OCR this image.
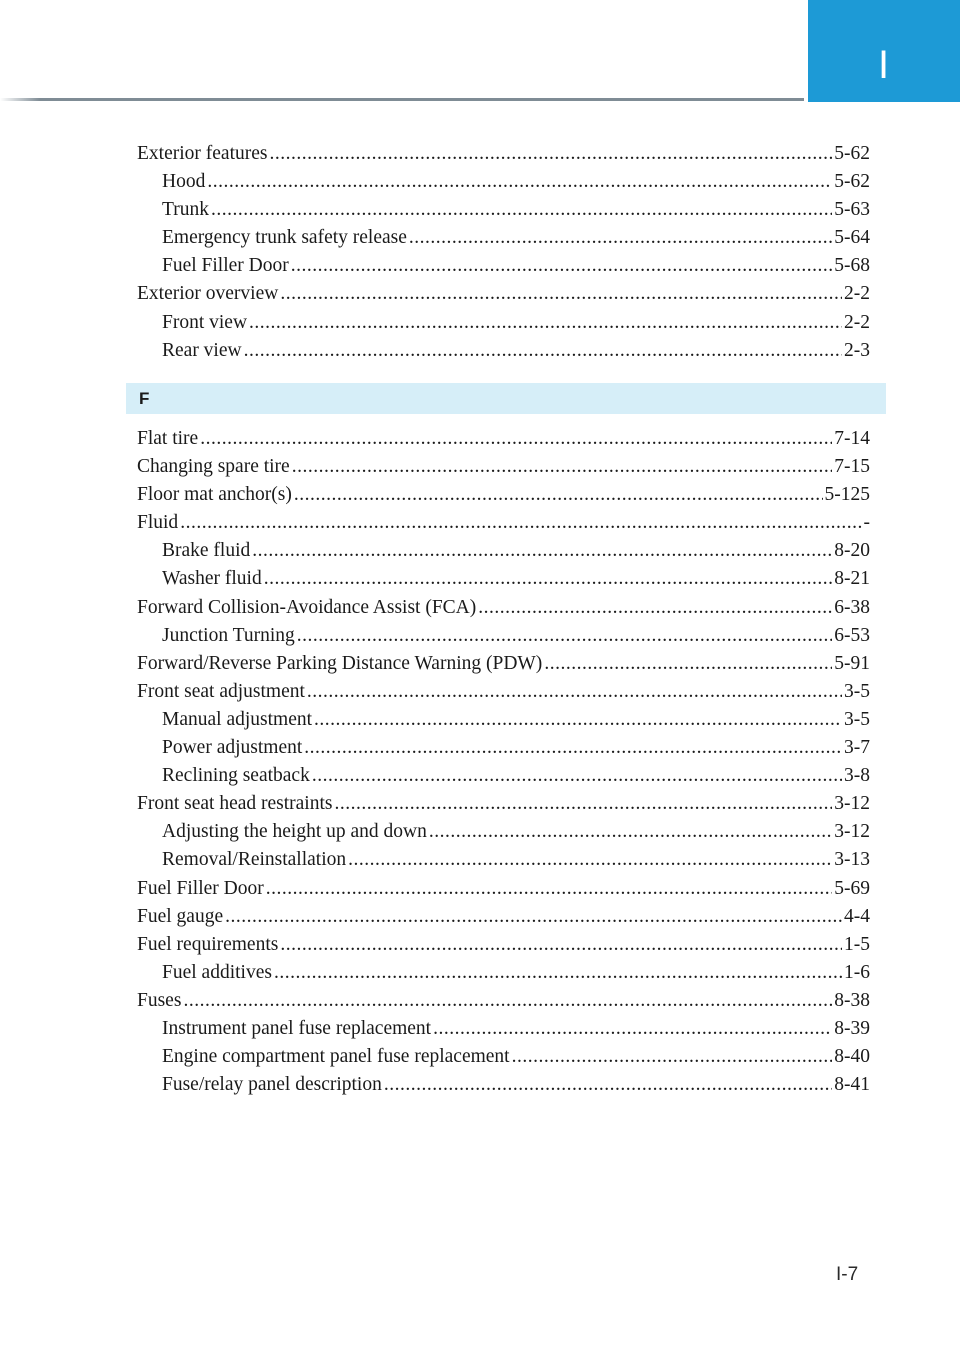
I
Exterior features .....	5-62
Hood .....	5-62
Trunk .....	5-63
Emergency trunk safety release .....	5-64
Fuel Filler Door .....	5-68
Exterior overview .....	2-2
Front view .....	2-2
Rear view .....	2-3
F
Flat tire .....	7-14
Changing spare tire .....	7-15
Floor mat anchor(s) .....	5-125
Fluid .....	-
Brake fluid .....	8-20
Washer fluid .....	8-21
Forward Collision-Avoidance Assist (FCA) .....	6-38
Junction Turning .....	6-53
Forward/Reverse Parking Distance Warning (PDW) .....	5-91
Front seat adjustment .....	3-5
Manual adjustment .....	3-5
Power adjustment .....	3-7
Reclining seatback .....	3-8
Front seat head restraints .....	3-12
Adjusting the height up and down .....	3-12
Removal/Reinstallation .....	3-13
Fuel Filler Door .....	5-69
Fuel gauge .....	4-4
Fuel requirements .....	1-5
Fuel additives .....	1-6
Fuses .....	8-38
Instrument panel fuse replacement .....	8-39
Engine compartment panel fuse replacement .....	8-40
Fuse/relay panel description .....	8-41
I-7
